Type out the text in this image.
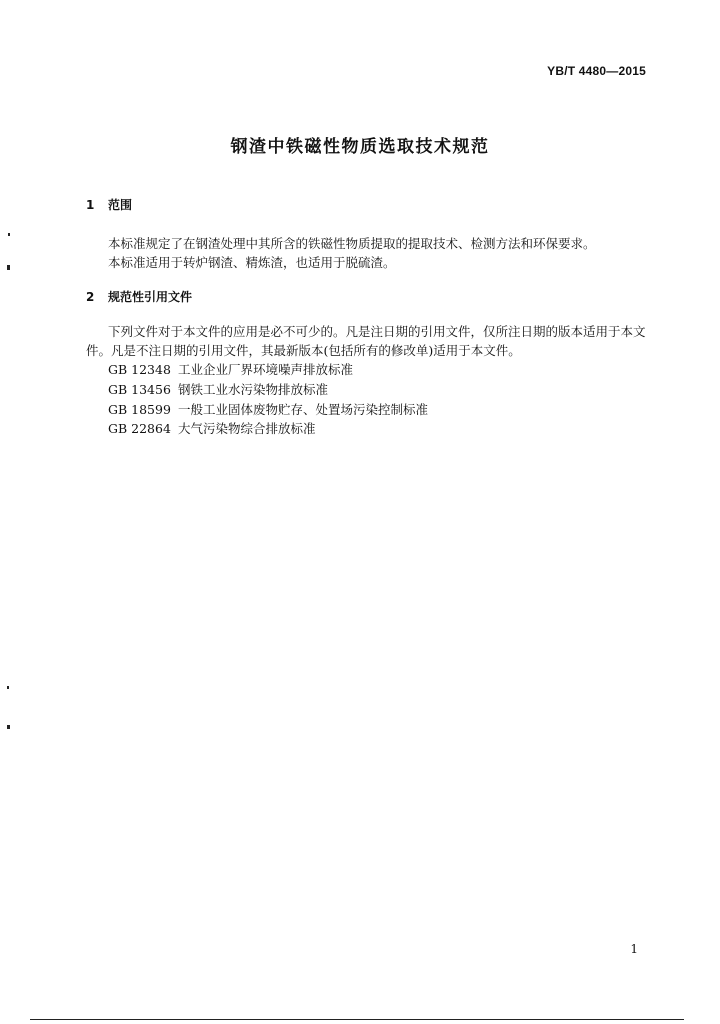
YB/T 4480—2015
钢渣中铁磁性物质选取技术规范
1 范围
本标准规定了在钢渣处理中其所含的铁磁性物质提取的提取技术、检测方法和环保要求。
本标准适用于转炉钢渣、精炼渣，也适用于脱硫渣。
2 规范性引用文件
下列文件对于本文件的应用是必不可少的。凡是注日期的引用文件，仅所注日期的版本适用于本文
件。凡是不注日期的引用文件，其最新版本(包括所有的修改单)适用于本文件。
GB 12348 工业企业厂界环境噪声排放标准
GB 13456 钢铁工业水污染物排放标准
GB 18599 一般工业固体废物贮存、处置场污染控制标准
GB 22864 大气污染物综合排放标准
1
